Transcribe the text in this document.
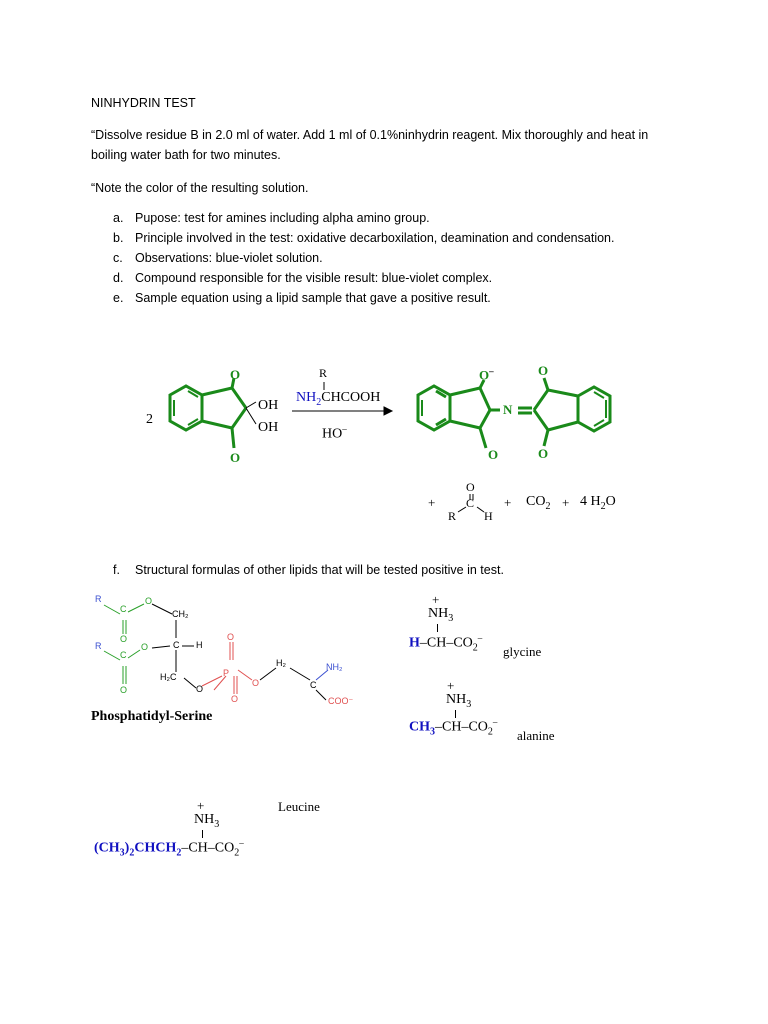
NINHYDRIN TEST
“Dissolve residue B in 2.0 ml of water. Add 1 ml of 0.1%ninhydrin reagent. Mix thoroughly and heat in
boiling water bath for two minutes.
“Note the color of the resulting solution.
a. Pupose: test for amines including alpha amino group.
b. Principle involved in the test: oxidative decarboxilation, deamination and condensation.
c. Observations: blue-violet solution.
d. Compound responsible for the visible result: blue-violet complex.
e. Sample equation using a lipid sample that gave a positive result.
2
OH
OH
O
O
R
$NH_2CHCOOH$
HO–
O–
N
O
O
O
+
O
C
R H
+ $CO_2 + 4$ $H_2O$
f. Structural formulas of other lipids that will be tested positive in test.
R
C
O
O
CH₂
R
C
O
O
C H
H₂C
O
P
O
O
O
H₂
C
NH₂
COO⁻
Phosphatidyl-Serine
+
$NH_3$
$H-CH-CO_2^-$
glycine
+
$NH_3$
$CH_3-CH-CO_2^-$
alanine
Leucine
+
$NH_3$
$(CH_3)_2CHCH_2-CH-CO_2^-$
